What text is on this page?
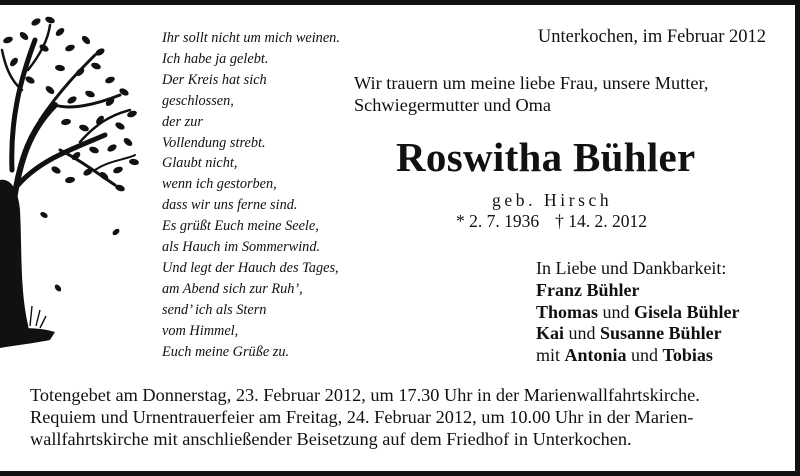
Ihr sollt nicht um mich weinen.
Ich habe ja gelebt.
Der Kreis hat sich
geschlossen,
der zur
Vollendung strebt.
Glaubt nicht,
wenn ich gestorben,
dass wir uns ferne sind.
Es grüßt Euch meine Seele,
als Hauch im Sommerwind.
Und legt der Hauch des Tages,
am Abend sich zur Ruh’,
send’ ich als Stern
vom Himmel,
Euch meine Grüße zu.
Unterkochen, im Februar 2012
Wir trauern um meine liebe Frau, unsere Mutter,
Schwiegermutter und Oma
Roswitha Bühler
geb. Hirsch
* 2. 7. 1936 † 14. 2. 2012
In Liebe und Dankbarkeit:
Franz Bühler
Thomas und Gisela Bühler
Kai und Susanne Bühler
mit Antonia und Tobias
Totengebet am Donnerstag, 23. Februar 2012, um 17.30 Uhr in der Marienwallfahrtskirche.
Requiem und Urnentrauerfeier am Freitag, 24. Februar 2012, um 10.00 Uhr in der Marien-
wallfahrtskirche mit anschließender Beisetzung auf dem Friedhof in Unterkochen.
